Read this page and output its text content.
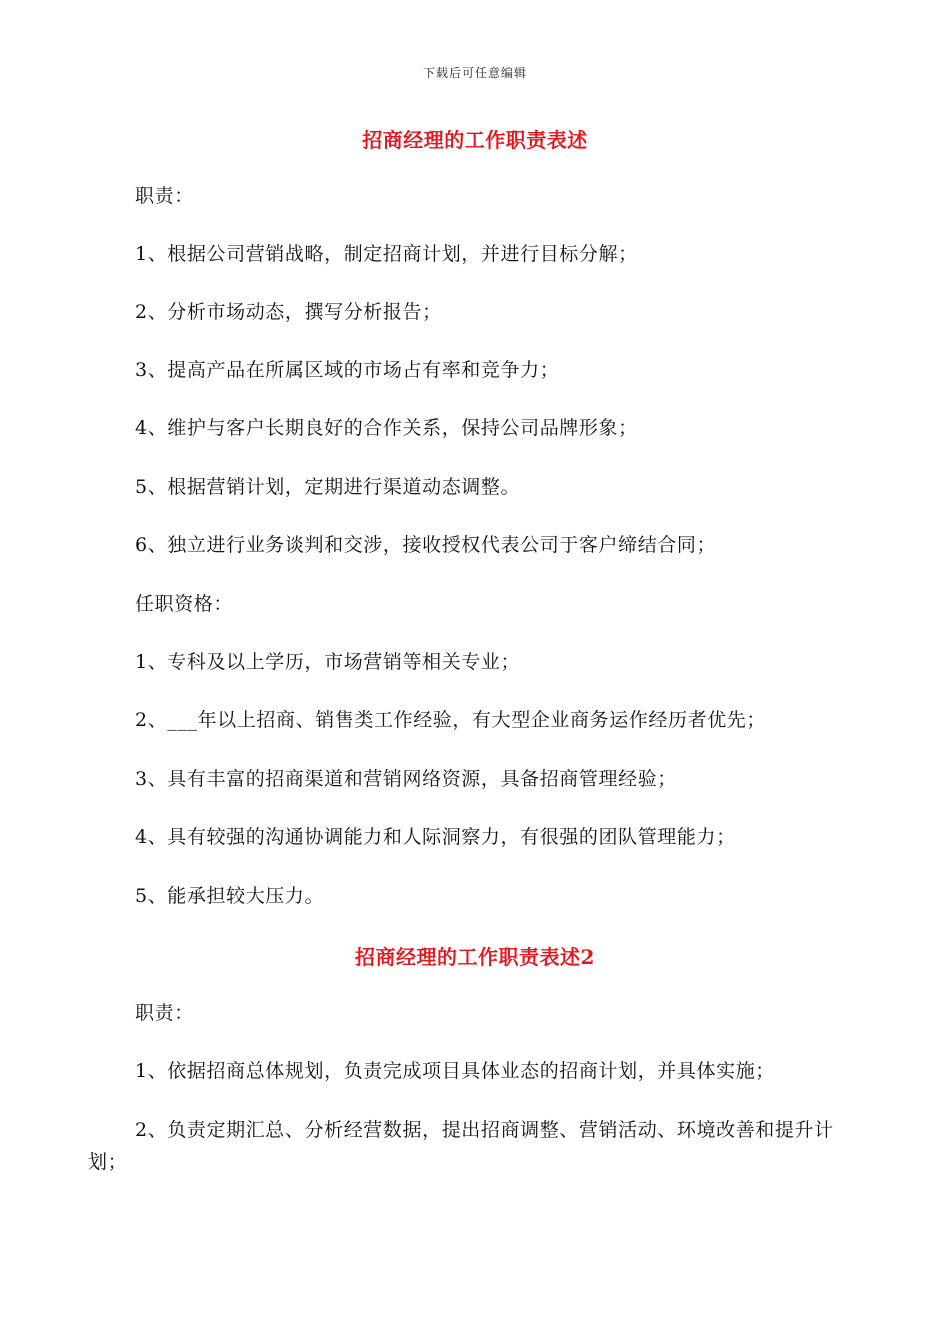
下载后可任意编辑
招商经理的工作职责表述
职责：
1、根据公司营销战略，制定招商计划，并进行目标分解；
2、分析市场动态，撰写分析报告；
3、提高产品在所属区域的市场占有率和竞争力；
4、维护与客户长期良好的合作关系，保持公司品牌形象；
5、根据营销计划，定期进行渠道动态调整。
6、独立进行业务谈判和交涉，接收授权代表公司于客户缔结合同；
任职资格：
1、专科及以上学历，市场营销等相关专业；
2、___年以上招商、销售类工作经验，有大型企业商务运作经历者优先；
3、具有丰富的招商渠道和营销网络资源，具备招商管理经验；
4、具有较强的沟通协调能力和人际洞察力，有很强的团队管理能力；
5、能承担较大压力。
招商经理的工作职责表述2
职责：
1、依据招商总体规划，负责完成项目具体业态的招商计划，并具体实施；
2、负责定期汇总、分析经营数据，提出招商调整、营销活动、环境改善和提升计划；
